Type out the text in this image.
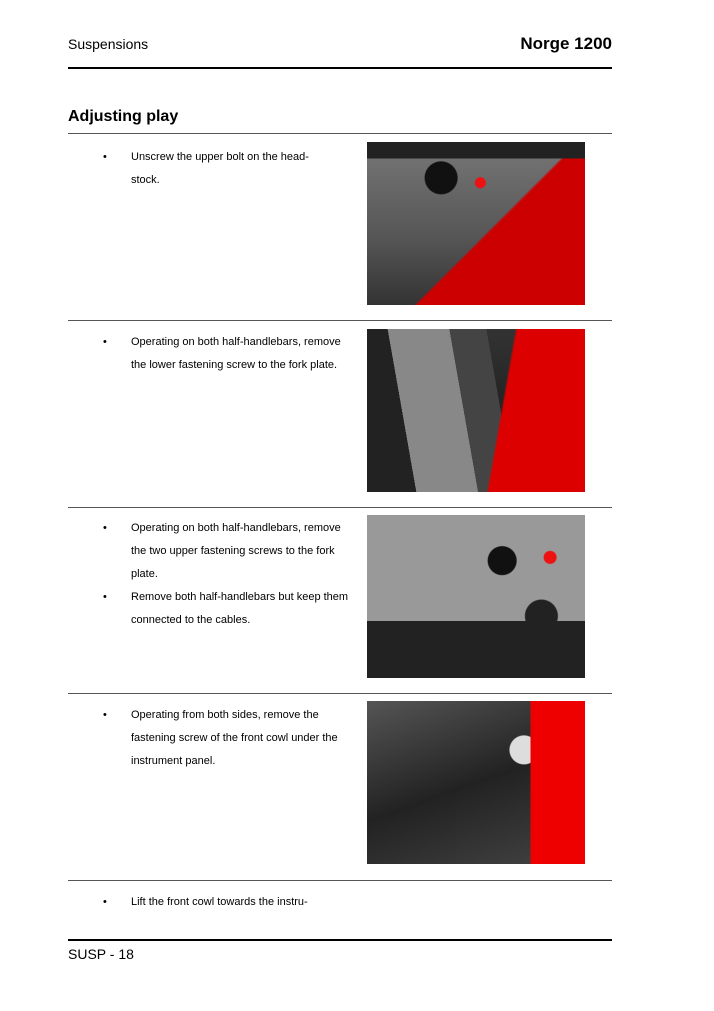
Suspensions	Norge 1200
Adjusting play
• Unscrew the upper bolt on the head-stock.
• Operating on both half-handlebars, remove the lower fastening screw to the fork plate.
• Operating on both half-handlebars, remove the two upper fastening screws to the fork plate.
• Remove both half-handlebars but keep them connected to the cables.
• Operating from both sides, remove the fastening screw of the front cowl under the instrument panel.
• Lift the front cowl towards the instru-
SUSP - 18
